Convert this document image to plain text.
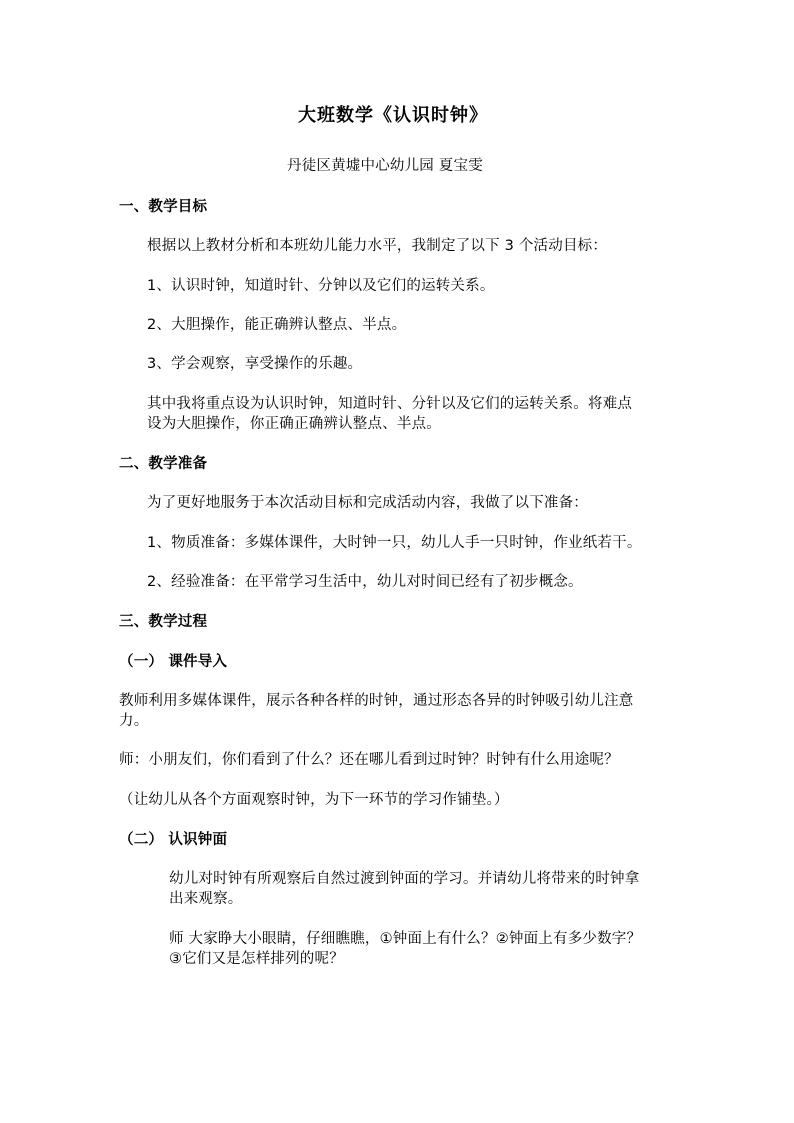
大班数学《认识时钟》
丹徒区黄墟中心幼儿园 夏宝雯
一、教学目标
根据以上教材分析和本班幼儿能力水平，我制定了以下 3 个活动目标：
1、认识时钟，知道时针、分钟以及它们的运转关系。
2、大胆操作，能正确辨认整点、半点。
3、学会观察，享受操作的乐趣。
其中我将重点设为认识时钟，知道时针、分针以及它们的运转关系。将难点
设为大胆操作，你正确正确辨认整点、半点。
二、教学准备
为了更好地服务于本次活动目标和完成活动内容，我做了以下准备：
1、物质准备：多媒体课件，大时钟一只，幼儿人手一只时钟，作业纸若干。
2、经验准备：在平常学习生活中，幼儿对时间已经有了初步概念。
三、教学过程
（一） 课件导入
教师利用多媒体课件，展示各种各样的时钟，通过形态各异的时钟吸引幼儿注意
力。
师：小朋友们，你们看到了什么？还在哪儿看到过时钟？时钟有什么用途呢？
（让幼儿从各个方面观察时钟，为下一环节的学习作铺垫。）
（二） 认识钟面
幼儿对时钟有所观察后自然过渡到钟面的学习。并请幼儿将带来的时钟拿
出来观察。
师 大家睁大小眼睛，仔细瞧瞧，①钟面上有什么？②钟面上有多少数字？
③它们又是怎样排列的呢？
